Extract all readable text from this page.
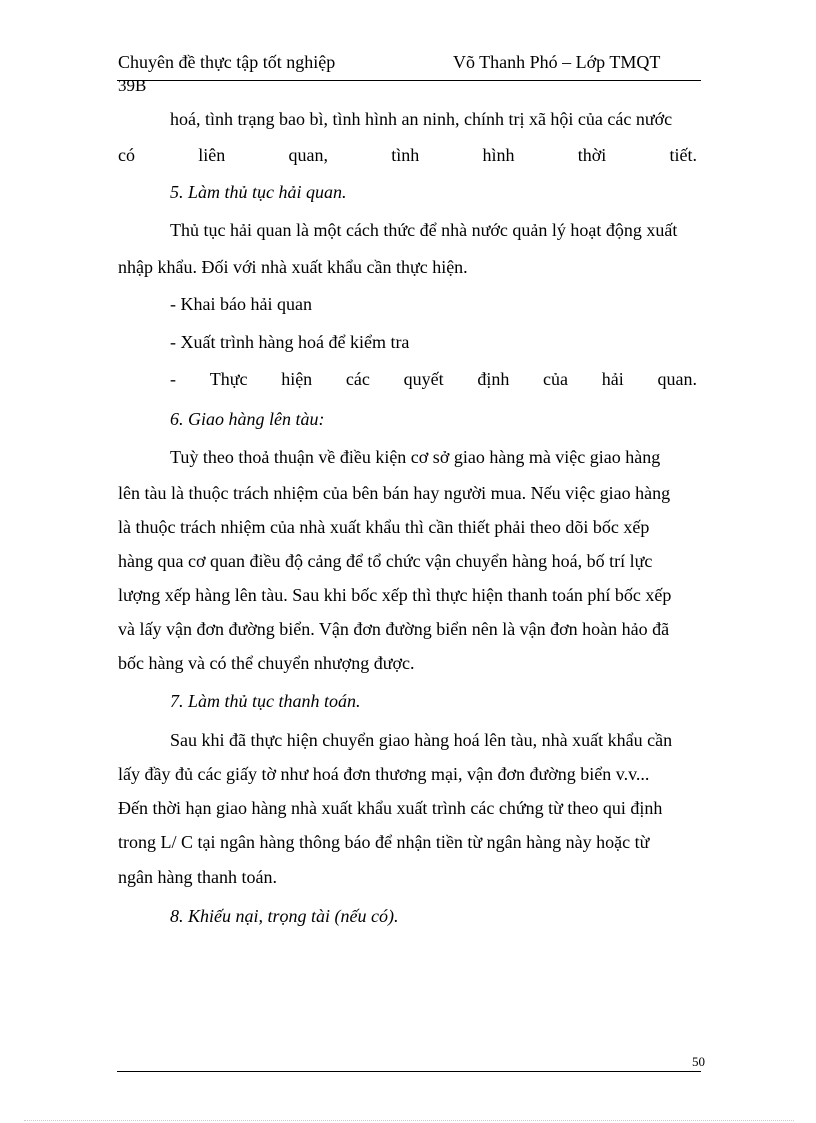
Chuyên đề thực tập tốt nghiệp	Võ Thanh Phó – Lớp TMQT
39B
hoá, tình trạng bao bì, tình hình an ninh, chính trị xã hội của các nước
có	liên	quan,	tình	hình	thời	tiết.
5. Làm thủ tục hải quan.
Thủ tục hải quan là một cách thức để nhà nước quản lý hoạt động xuất
nhập khẩu. Đối với nhà xuất khẩu cần thực hiện.
- Khai báo hải quan
- Xuất trình hàng hoá để kiểm tra
- Thực hiện các quyết định của hải quan.
6. Giao hàng lên tàu:
Tuỳ theo thoả thuận về điều kiện cơ sở giao hàng mà việc giao hàng
lên tàu là thuộc trách nhiệm của bên bán hay người mua. Nếu việc giao hàng
là thuộc trách nhiệm của nhà xuất khẩu thì cần thiết phải theo dõi bốc xếp
hàng qua cơ quan điều độ cảng để tổ chức vận chuyển hàng hoá, bố trí lực
lượng xếp hàng lên tàu. Sau khi bốc xếp thì thực hiện thanh toán phí bốc xếp
và lấy vận đơn đường biển. Vận đơn đường biển nên là vận đơn hoàn hảo đã
bốc hàng và có thể chuyển nhượng được.
7. Làm thủ tục thanh toán.
Sau khi đã thực hiện chuyển giao hàng hoá lên tàu, nhà xuất khẩu cần
lấy đầy đủ các giấy tờ như hoá đơn thương mại, vận đơn đường biển v.v...
Đến thời hạn giao hàng nhà xuất khẩu xuất trình các chứng từ theo qui định
trong L/ C tại ngân hàng thông báo để nhận tiền từ ngân hàng này hoặc từ
ngân hàng thanh toán.
8. Khiếu nại, trọng tài (nếu có).
50
